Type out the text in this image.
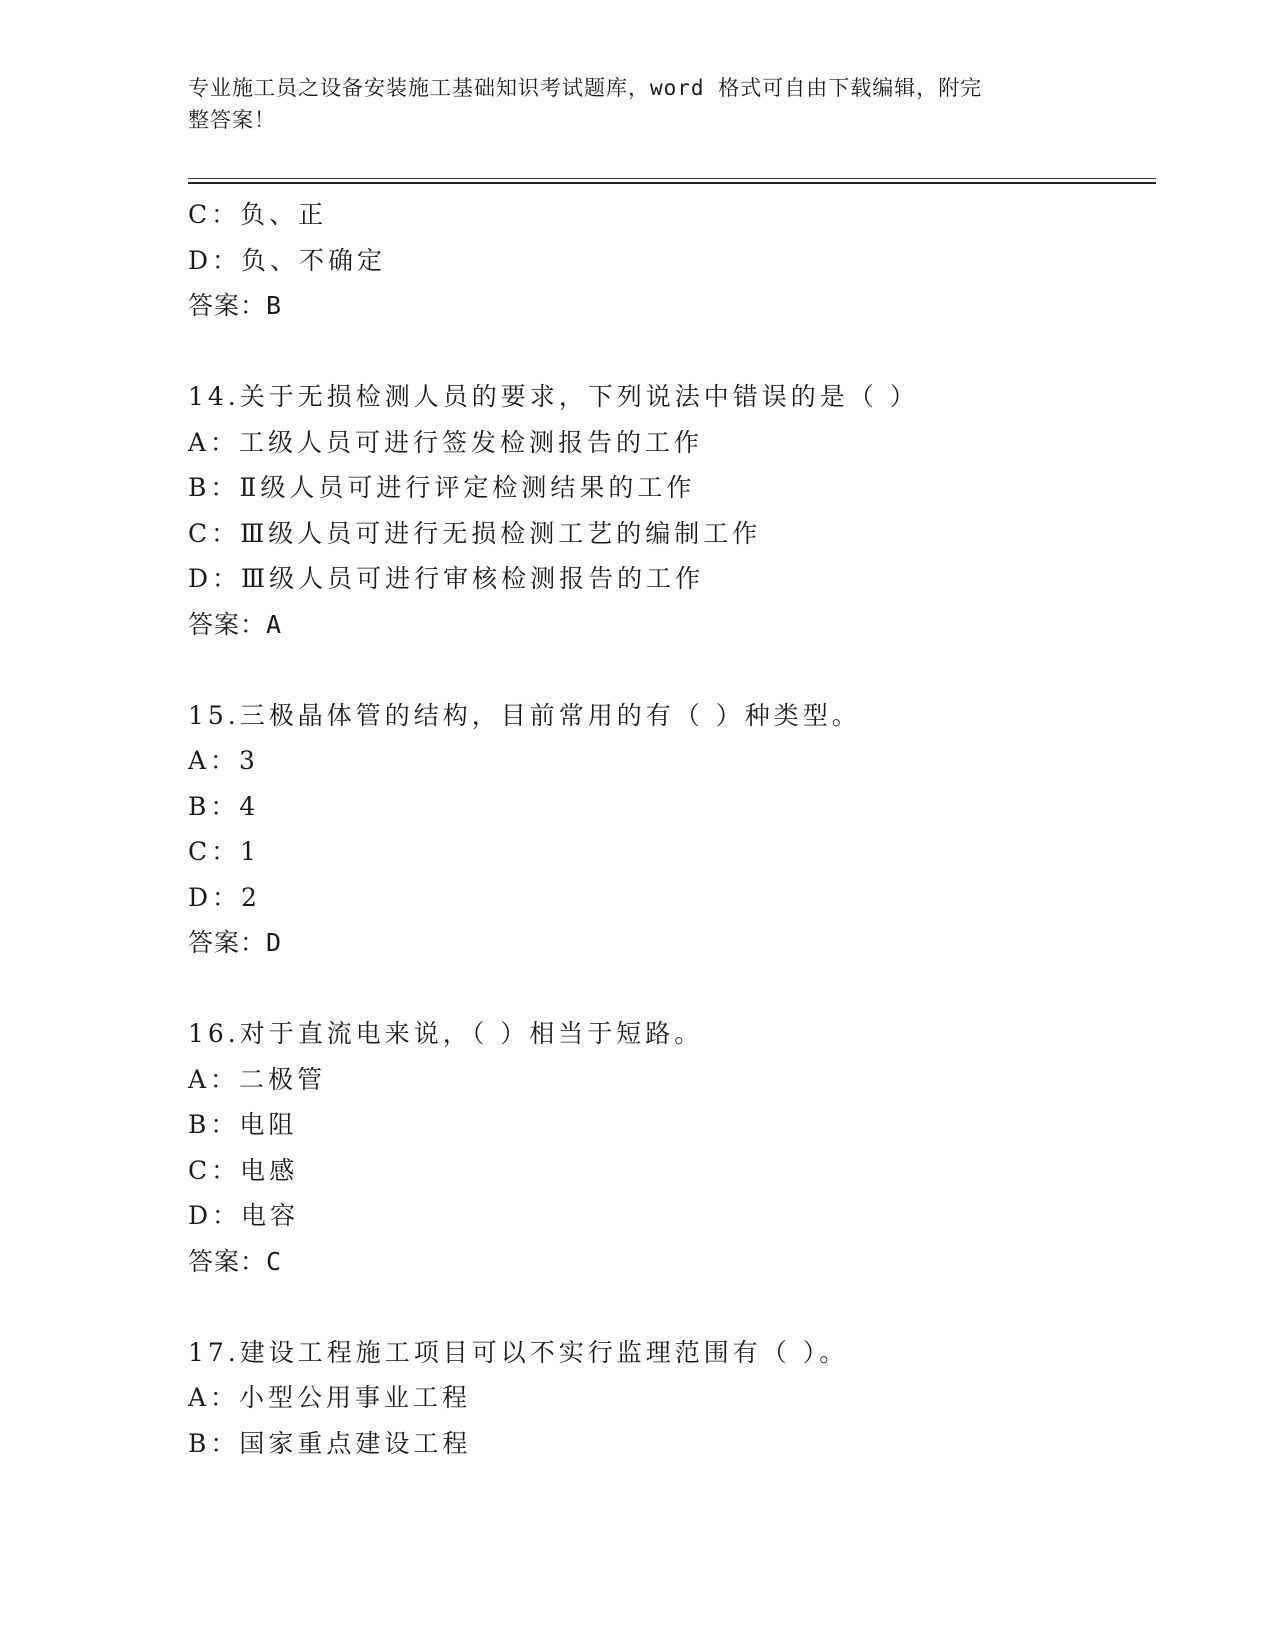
专业施工员之设备安装施工基础知识考试题库，word 格式可自由下载编辑，附完
整答案！
C：负、正
D：负、不确定
答案：B
14.关于无损检测人员的要求，下列说法中错误的是（ ）
A：工级人员可进行签发检测报告的工作
B：Ⅱ级人员可进行评定检测结果的工作
C：Ⅲ级人员可进行无损检测工艺的编制工作
D：Ⅲ级人员可进行审核检测报告的工作
答案：A
15.三极晶体管的结构，目前常用的有（ ）种类型。
A：3
B：4
C：1
D：2
答案：D
16.对于直流电来说，（ ）相当于短路。
A：二极管
B：电阻
C：电感
D：电容
答案：C
17.建设工程施工项目可以不实行监理范围有（ ）。
A：小型公用事业工程
B：国家重点建设工程
